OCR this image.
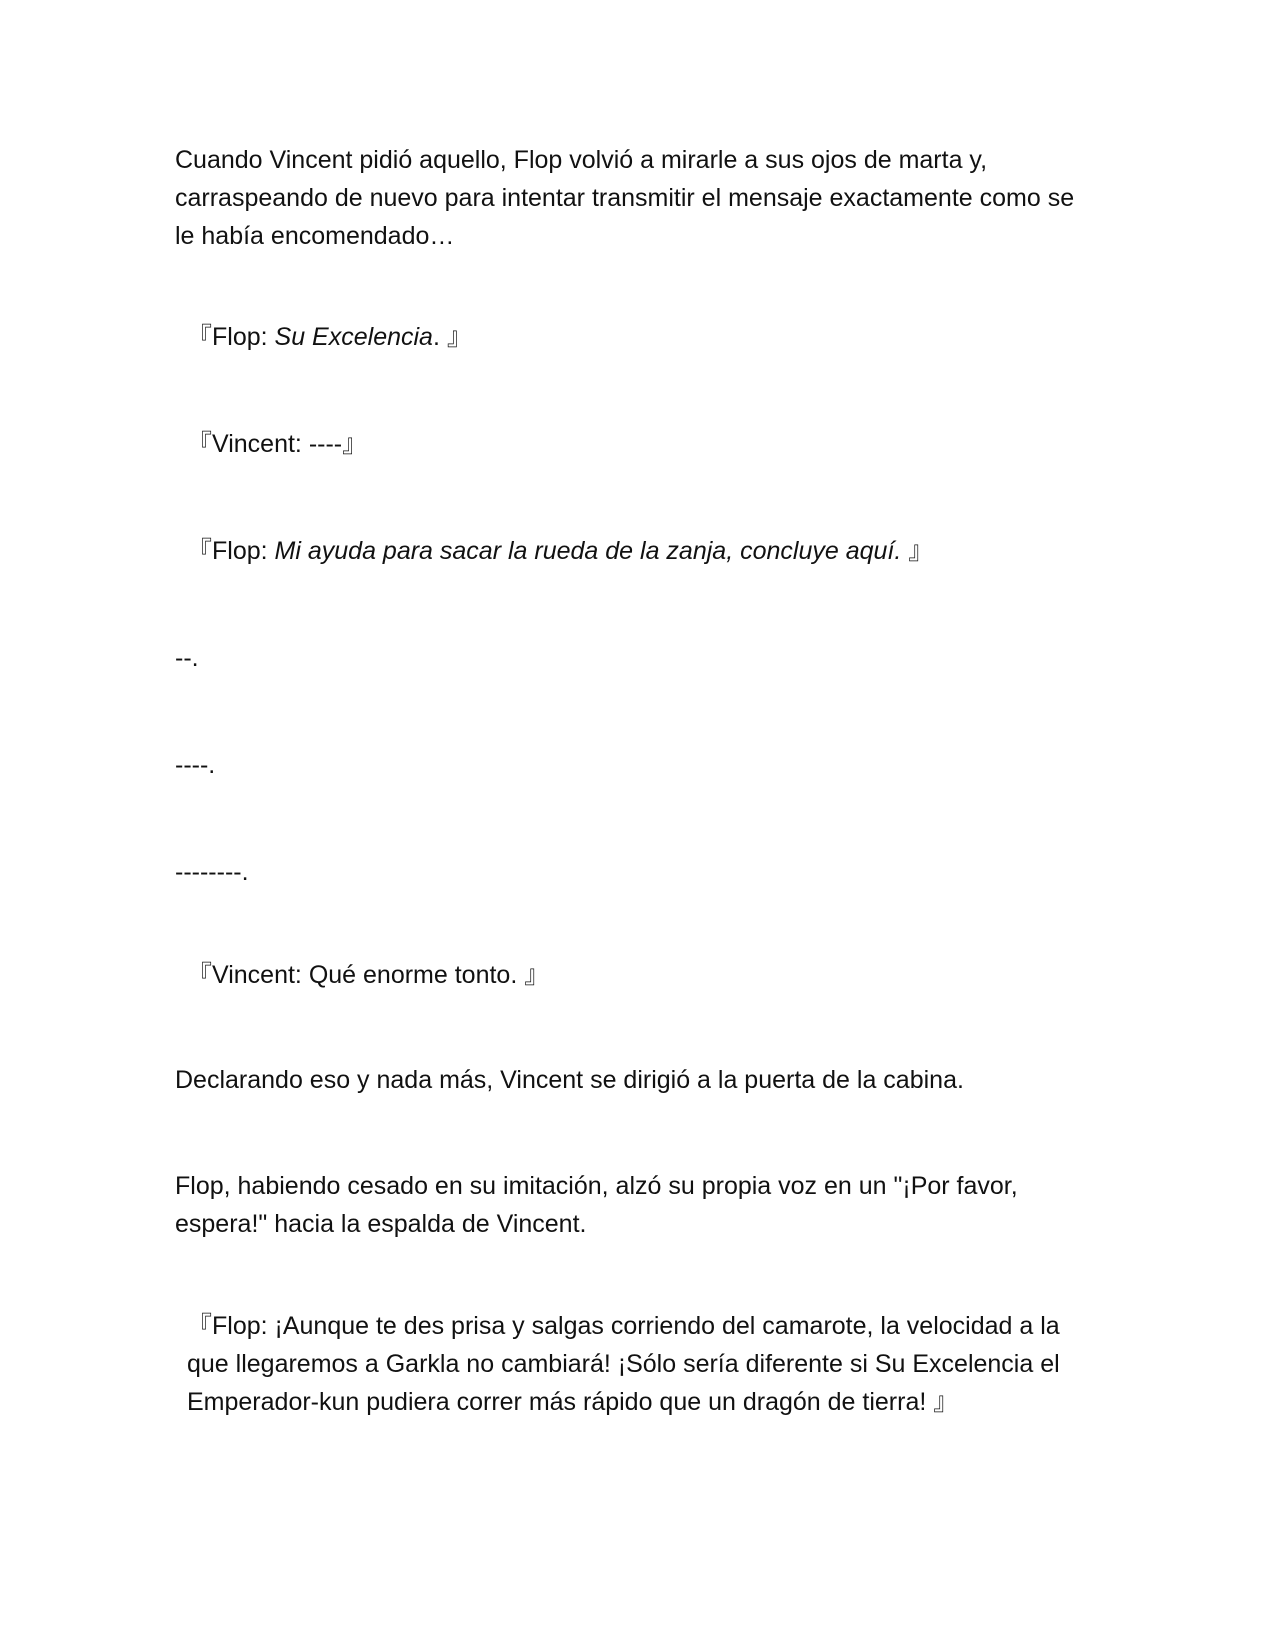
Cuando Vincent pidió aquello, Flop volvió a mirarle a sus ojos de marta y, carraspeando de nuevo para intentar transmitir el mensaje exactamente como se le había encomendado…

『Flop: Su Excelencia. 』

『Vincent: ----』

『Flop: Mi ayuda para sacar la rueda de la zanja, concluye aquí. 』

--.

----.

--------.

『Vincent: Qué enorme tonto. 』

Declarando eso y nada más, Vincent se dirigió a la puerta de la cabina.

Flop, habiendo cesado en su imitación, alzó su propia voz en un "¡Por favor, espera!" hacia la espalda de Vincent.

『Flop: ¡Aunque te des prisa y salgas corriendo del camarote, la velocidad a la que llegaremos a Garkla no cambiará! ¡Sólo sería diferente si Su Excelencia el Emperador-kun pudiera correr más rápido que un dragón de tierra! 』
